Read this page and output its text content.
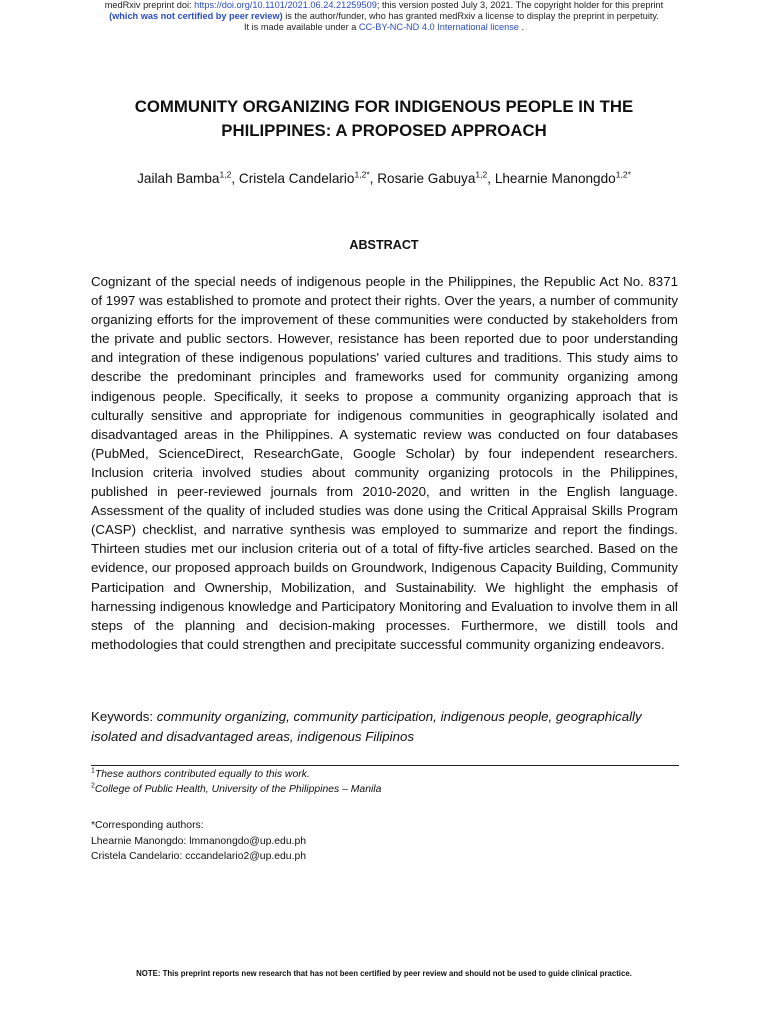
medRxiv preprint doi: https://doi.org/10.1101/2021.06.24.21259509; this version posted July 3, 2021. The copyright holder for this preprint
(which was not certified by peer review) is the author/funder, who has granted medRxiv a license to display the preprint in perpetuity.
It is made available under a CC-BY-NC-ND 4.0 International license .
COMMUNITY ORGANIZING FOR INDIGENOUS PEOPLE IN THE
PHILIPPINES: A PROPOSED APPROACH
Jailah Bamba$^{1,2}$, Cristela Candelario$^{1,2*}$, Rosarie Gabuya$^{1,2}$, Lhearnie Manongdo$^{1,2*}$
ABSTRACT
Cognizant of the special needs of indigenous people in the Philippines, the Republic Act No. 8371 of 1997 was established to promote and protect their rights. Over the years, a number of community organizing efforts for the improvement of these communities were conducted by stakeholders from the private and public sectors. However, resistance has been reported due to poor understanding and integration of these indigenous populations' varied cultures and traditions. This study aims to describe the predominant principles and frameworks used for community organizing among indigenous people. Specifically, it seeks to propose a community organizing approach that is culturally sensitive and appropriate for indigenous communities in geographically isolated and disadvantaged areas in the Philippines. A systematic review was conducted on four databases (PubMed, ScienceDirect, ResearchGate, Google Scholar) by four independent researchers. Inclusion criteria involved studies about community organizing protocols in the Philippines, published in peer-reviewed journals from 2010-2020, and written in the English language. Assessment of the quality of included studies was done using the Critical Appraisal Skills Program (CASP) checklist, and narrative synthesis was employed to summarize and report the findings. Thirteen studies met our inclusion criteria out of a total of fifty-five articles searched. Based on the evidence, our proposed approach builds on Groundwork, Indigenous Capacity Building, Community Participation and Ownership, Mobilization, and Sustainability. We highlight the emphasis of harnessing indigenous knowledge and Participatory Monitoring and Evaluation to involve them in all steps of the planning and decision-making processes. Furthermore, we distill tools and methodologies that could strengthen and precipitate successful community organizing endeavors.
Keywords: community organizing, community participation, indigenous people, geographically isolated and disadvantaged areas, indigenous Filipinos
$^1$These authors contributed equally to this work.
$^2$College of Public Health, University of the Philippines – Manila
*Corresponding authors:
Lhearnie Manongdo: lmmanongdo@up.edu.ph
Cristela Candelario: cccandelario2@up.edu.ph
NOTE: This preprint reports new research that has not been certified by peer review and should not be used to guide clinical practice.
